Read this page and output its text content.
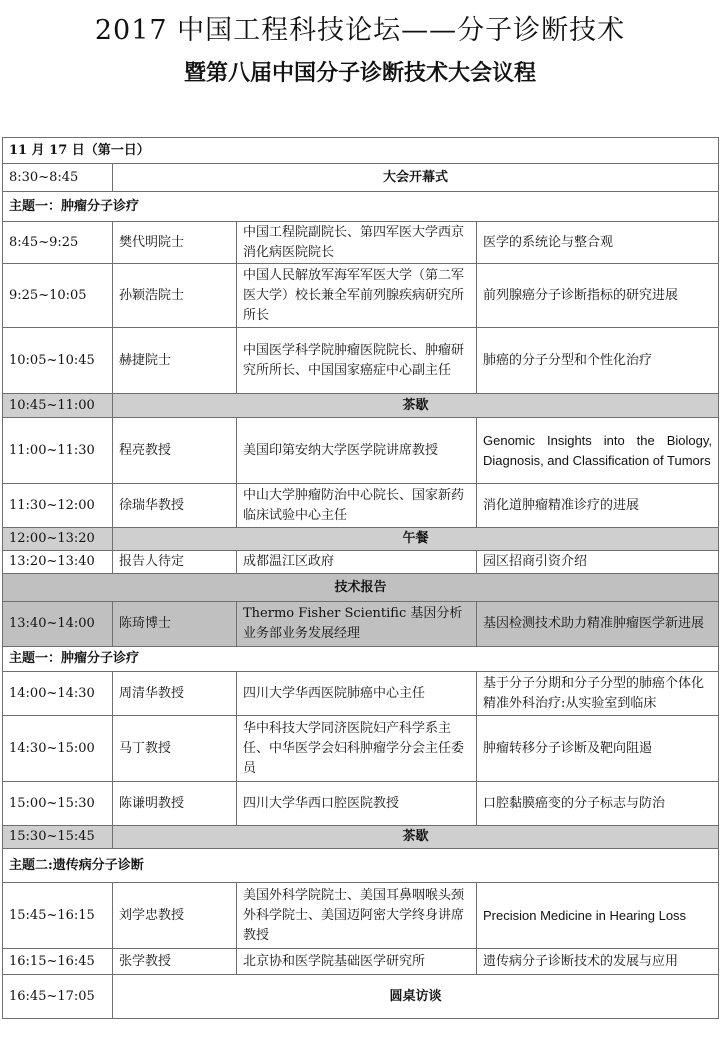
2017 中国工程科技论坛——分子诊断技术
暨第八届中国分子诊断技术大会议程
11 月 17 日（第一日）			
8:30~8:45	大会开幕式		
主题一：肿瘤分子诊疗			
8:45~9:25	樊代明院士	中国工程院副院长、第四军医大学西京消化病医院院长	医学的系统论与整合观
9:25~10:05	孙颖浩院士	中国人民解放军海军军医大学（第二军医大学）校长兼全军前列腺疾病研究所所长	前列腺癌分子诊断指标的研究进展
10:05~10:45	赫捷院士	中国医学科学院肿瘤医院院长、肿瘤研究所所长、中国国家癌症中心副主任	肺癌的分子分型和个性化治疗
10:45~11:00	茶歇		
11:00~11:30	程亮教授	美国印第安纳大学医学院讲席教授	Genomic Insights into the Biology, Diagnosis, and Classification of Tumors
11:30~12:00	徐瑞华教授	中山大学肿瘤防治中心院长、国家新药临床试验中心主任	消化道肿瘤精准诊疗的进展
12:00~13:20	午餐		
13:20~13:40	报告人待定	成都温江区政府	园区招商引资介绍
技术报告			
13:40~14:00	陈琦博士	Thermo Fisher Scientific 基因分析业务部业务发展经理	基因检测技术助力精准肿瘤医学新进展
主题一：肿瘤分子诊疗			
14:00~14:30	周清华教授	四川大学华西医院肺癌中心主任	基于分子分期和分子分型的肺癌个体化精准外科治疗:从实验室到临床
14:30~15:00	马丁教授	华中科技大学同济医院妇产科学系主任、中华医学会妇科肿瘤学分会主任委员	肿瘤转移分子诊断及靶向阻遏
15:00~15:30	陈谦明教授	四川大学华西口腔医院教授	口腔黏膜癌变的分子标志与防治
15:30~15:45	茶歇		
主题二:遗传病分子诊断			
15:45~16:15	刘学忠教授	美国外科学院院士、美国耳鼻咽喉头颈外科学院士、美国迈阿密大学终身讲席教授	Precision Medicine in Hearing Loss
16:15~16:45	张学教授	北京协和医学院基础医学研究所	遗传病分子诊断技术的发展与应用
16:45~17:05	圆桌访谈		
